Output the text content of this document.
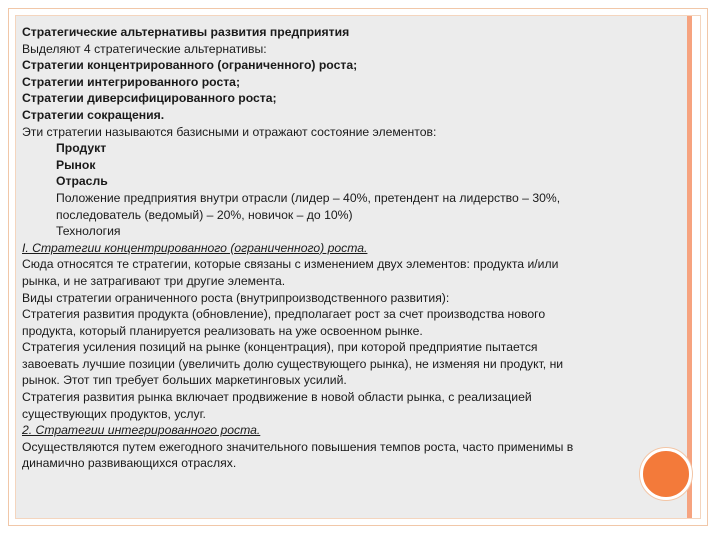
Стратегические альтернативы развития предприятия
Выделяют 4 стратегические альтернативы:
Стратегии концентрированного (ограниченного) роста;
Стратегии интегрированного роста;
Стратегии диверсифицированного роста;
Стратегии сокращения.
Эти стратегии называются базисными и отражают состояние элементов:
Продукт
Рынок
Отрасль
Положение предприятия внутри отрасли (лидер – 40%, претендент на лидерство – 30%,
последователь (ведомый) – 20%, новичок – до 10%)
Технология
I. Стратегии концентрированного (ограниченного) роста.
Сюда относятся те стратегии, которые связаны с изменением двух элементов: продукта и/или
рынка, и не затрагивают три другие элемента.
Виды стратегии ограниченного роста (внутрипроизводственного развития):
Стратегия развития продукта (обновление), предполагает рост за счет производства нового
продукта, который планируется реализовать на уже освоенном рынке.
Стратегия усиления позиций на рынке (концентрация), при которой предприятие пытается
завоевать лучшие позиции (увеличить долю существующего рынка), не изменяя ни продукт, ни
рынок. Этот тип требует больших маркетинговых усилий.
Стратегия развития рынка включает продвижение в новой области рынка, с реализацией
существующих продуктов, услуг.
2. Стратегии интегрированного роста.
Осуществляются путем ежегодного значительного повышения темпов роста, часто применимы в
динамично развивающихся отраслях.
